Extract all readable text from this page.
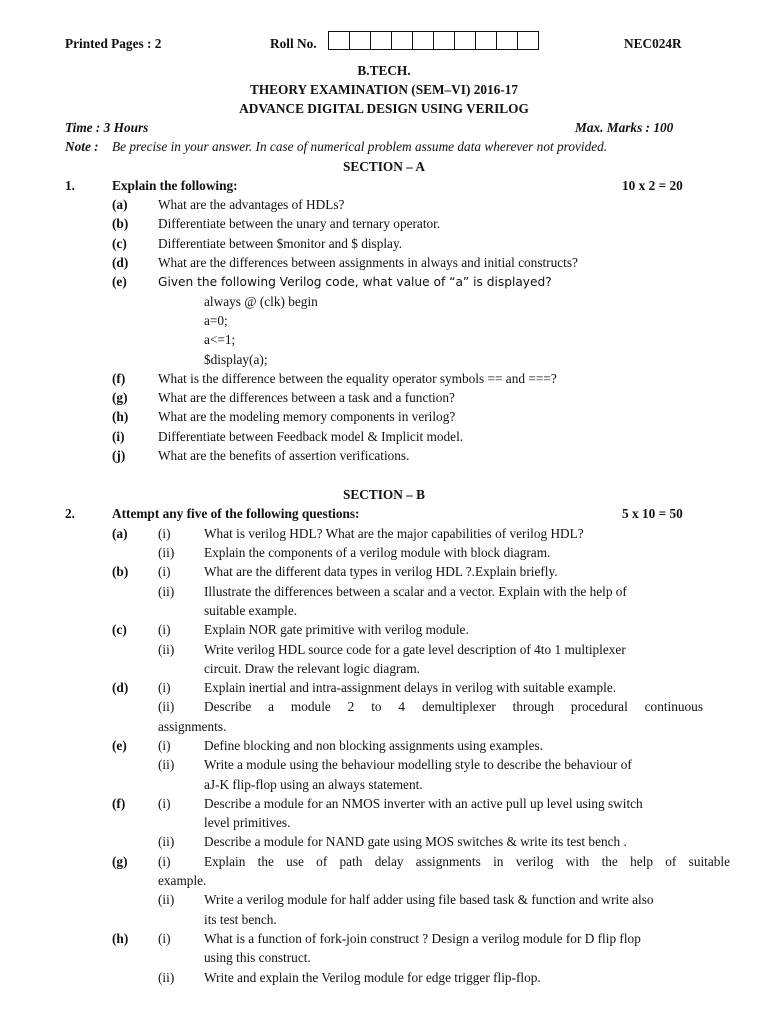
Printed Pages : 2	Roll No.	NEC024R
B.TECH.
THEORY EXAMINATION (SEM–VI) 2016-17
ADVANCE DIGITAL DESIGN USING VERILOG
Time : 3 Hours	Max. Marks : 100
Note : Be precise in your answer. In case of numerical problem assume data wherever not provided.
SECTION – A
1.	Explain the following:	10 x 2 = 20
(a) What are the advantages of HDLs?
(b) Differentiate between the unary and ternary operator.
(c) Differentiate between $monitor and $ display.
(d) What are the differences between assignments in always and initial constructs?
(e)	Given the following Verilog code, what value of “a” is displayed?
always @ (clk) begin
a=0;
a<=1;
$display(a);
(f) What is the difference between the equality operator symbols == and ===?
(g) What are the differences between a task and a function?
(h) What are the modeling memory components in verilog?
(i)	Differentiate between Feedback model & Implicit model.
(j) What are the benefits of assertion verifications.
SECTION – B
2.	Attempt any five of the following questions:	5 x 10 = 50
(a) (i)	What is verilog HDL? What are the major capabilities of verilog HDL?
(ii) Explain the components of a verilog module with block diagram.
(b) (i)	What are the different data types in verilog HDL ?.Explain briefly.
(ii) Illustrate the differences between a scalar and a vector. Explain with the help of
suitable example.
(c) (i)	Explain NOR gate primitive with verilog module.
(ii) Write verilog HDL source code for a gate level description of 4to 1 multiplexer
circuit. Draw the relevant logic diagram.
(d) (i)	Explain inertial and intra-assignment delays in verilog with suitable example.
(ii) Describe a module 2 to 4 demultiplexer through procedural continuous
assignments.
(e) (i)	Define blocking and non blocking assignments using examples.
(ii) Write a module using the behaviour modelling style to describe the behaviour of
aJ-K flip-flop using an always statement.
(f) (i)	Describe a module for an NMOS inverter with an active pull up level using switch
level primitives.
(ii) Describe a module for NAND gate using MOS switches & write its test bench .
(g) (i)	Explain the use of path delay assignments in verilog with the help of suitable
example.
(ii) Write a verilog module for half adder using file based task & function and write also
its test bench.
(h) (i)	What is a function of fork-join construct ? Design a verilog module for D flip flop
using this construct.
(ii) Write and explain the Verilog module for edge trigger flip-flop.
